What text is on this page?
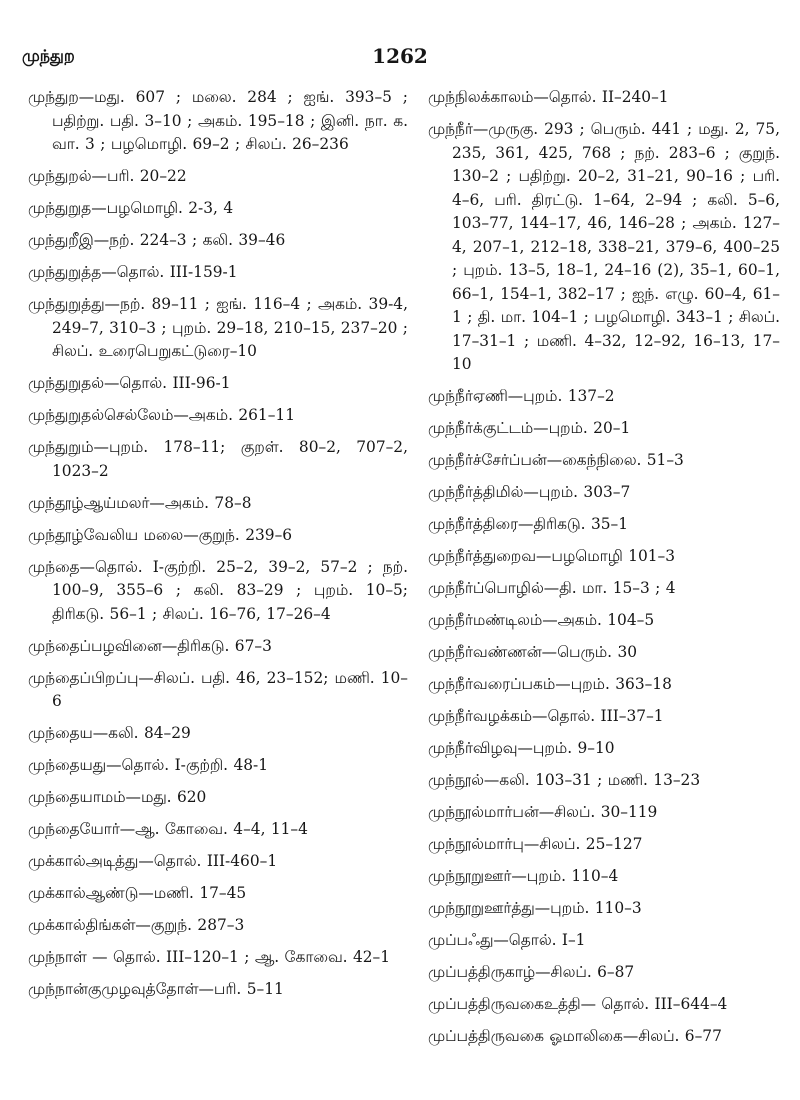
முந்துற	1262

முந்துற—மது. 607 ; மலை. 284 ; ஐங். 393–5 ; பதிற்று. பதி. 3–10 ; அகம். 195–18 ; இனி. நா. க. வா. 3 ; பழமொழி. 69–2 ; சிலப். 26–236

முந்துறல்—பரி. 20–22

முந்துறுத—பழமொழி. 2-3, 4

முந்துறீஇ—நற். 224–3 ; கலி. 39–46

முந்துறுத்த—தொல். III-159-1

முந்துறுத்து—நற். 89–11 ; ஐங். 116–4 ; அகம். 39-4, 249–7, 310–3 ; புறம். 29–18, 210–15, 237–20 ; சிலப். உரைபெறுகட்டுரை–10

முந்துறுதல்—தொல். III-96-1

முந்துறுதல்செல்லேம்—அகம். 261–11

முந்துறும்—புறம். 178–11; குறள். 80–2, 707–2, 1023–2

முந்தூழ்ஆய்மலர்—அகம். 78–8

முந்தூழ்வேலிய மலை—குறுந். 239–6

முந்தை—தொல். I-குற்றி. 25–2, 39–2, 57–2 ; நற். 100–9, 355–6 ; கலி. 83–29 ; புறம். 10–5; திரிகடு. 56–1 ; சிலப். 16–76, 17–26–4

முந்தைப்பழவினை—திரிகடு. 67–3

முந்தைப்பிறப்பு—சிலப். பதி. 46, 23–152; மணி. 10–6

முந்தைய—கலி. 84–29

முந்தையது—தொல். I-குற்றி. 48-1

முந்தையாமம்—மது. 620

முந்தையோர்—ஆ. கோவை. 4–4, 11–4

முக்கால்அடித்து—தொல். III-460–1

முக்கால்ஆண்டு—மணி. 17–45

முக்கால்திங்கள்—குறுந். 287–3

முந்நாள் — தொல். III–120–1 ; ஆ. கோவை. 42–1

முந்நான்குமுழவுத்தோள்—பரி. 5–11

முந்நிலக்காலம்—தொல். II–240–1

முந்நீர்—முருகு. 293 ; பெரும். 441 ; மது. 2, 75, 235, 361, 425, 768 ; நற். 283–6 ; குறுந். 130–2 ; பதிற்று. 20–2, 31–21, 90–16 ; பரி. 4–6, பரி. திரட்டு. 1–64, 2–94 ; கலி. 5–6, 103–77, 144–17, 46, 146–28 ; அகம். 127–4, 207–1, 212–18, 338–21, 379–6, 400–25 ; புறம். 13–5, 18–1, 24–16 (2), 35–1, 60–1, 66–1, 154–1, 382–17 ; ஐந். எழு. 60–4, 61–1 ; தி. மா. 104–1 ; பழமொழி. 343–1 ; சிலப். 17–31–1 ; மணி. 4–32, 12–92, 16–13, 17–10

முந்நீர்ஏணி—புறம். 137–2

முந்நீர்க்குட்டம்—புறம். 20–1

முந்நீர்ச்சேர்ப்பன்—கைந்நிலை. 51–3

முந்நீர்த்திமில்—புறம். 303–7

முந்நீர்த்திரை—திரிகடு. 35–1

முந்நீர்த்துறைவ—பழமொழி 101–3

முந்நீர்ப்பொழில்—தி. மா. 15–3 ; 4

முந்நீர்மண்டிலம்—அகம். 104–5

முந்நீர்வண்ணன்—பெரும். 30

முந்நீர்வரைப்பகம்—புறம். 363–18

முந்நீர்வழக்கம்—தொல். III–37–1

முந்நீர்விழவு—புறம். 9–10

முந்நூல்—கலி. 103–31 ; மணி. 13–23

முந்நூல்மார்பன்—சிலப். 30–119

முந்நூல்மார்பு—சிலப். 25–127

முந்நூறுஊர்—புறம். 110–4

முந்நூறுஊர்த்து—புறம். 110–3

முப்பஃது—தொல். I–1

முப்பத்திருகாழ்—சிலப். 6–87

முப்பத்திருவகைஉத்தி— தொல். III–644–4

முப்பத்திருவகை ஓமாலிகை—சிலப். 6–77
